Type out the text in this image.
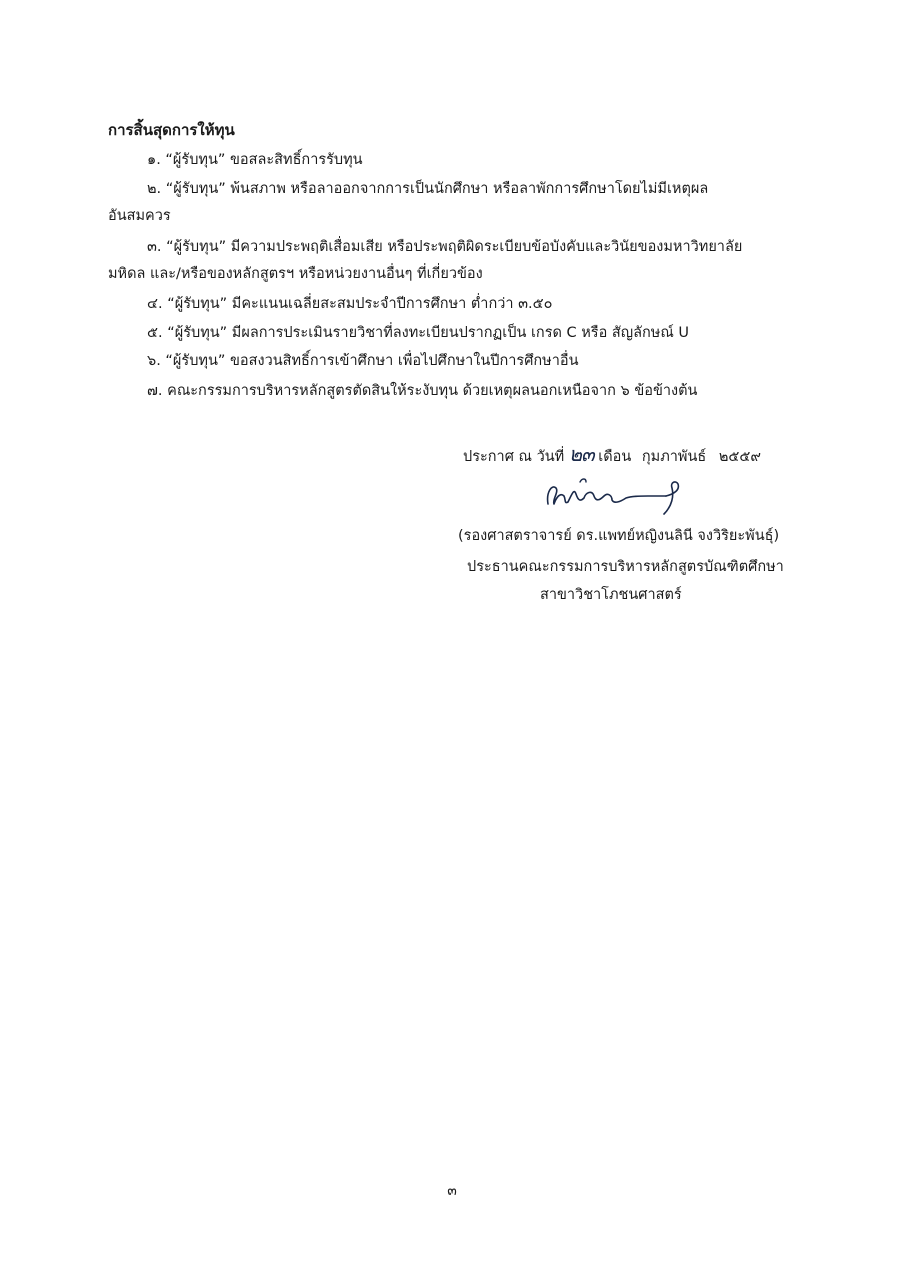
การสิ้นสุดการให้ทุน
๑. “ผู้รับทุน” ขอสละสิทธิ์การรับทุน
๒. “ผู้รับทุน” พ้นสภาพ หรือลาออกจากการเป็นนักศึกษา หรือลาพักการศึกษาโดยไม่มีเหตุผล
อันสมควร
๓. “ผู้รับทุน” มีความประพฤติเสื่อมเสีย หรือประพฤติผิดระเบียบข้อบังคับและวินัยของมหาวิทยาลัย
มหิดล และ/หรือของหลักสูตรฯ หรือหน่วยงานอื่นๆ ที่เกี่ยวข้อง
๔. “ผู้รับทุน” มีคะแนนเฉลี่ยสะสมประจำปีการศึกษา ต่ำกว่า ๓.๕๐
๕. “ผู้รับทุน” มีผลการประเมินรายวิชาที่ลงทะเบียนปรากฏเป็น เกรด C หรือ สัญลักษณ์ U
๖. “ผู้รับทุน” ขอสงวนสิทธิ์การเข้าศึกษา เพื่อไปศึกษาในปีการศึกษาอื่น
๗. คณะกรรมการบริหารหลักสูตรตัดสินให้ระงับทุน ด้วยเหตุผลนอกเหนือจาก ๖ ข้อข้างต้น
ประกาศ ณ วันที่ ๒๓ เดือน กุมภาพันธ์ ๒๕๕๙
(รองศาสตราจารย์ ดร.แพทย์หญิงนลินี จงวิริยะพันธุ์)
ประธานคณะกรรมการบริหารหลักสูตรบัณฑิตศึกษา
สาขาวิชาโภชนศาสตร์
๓
